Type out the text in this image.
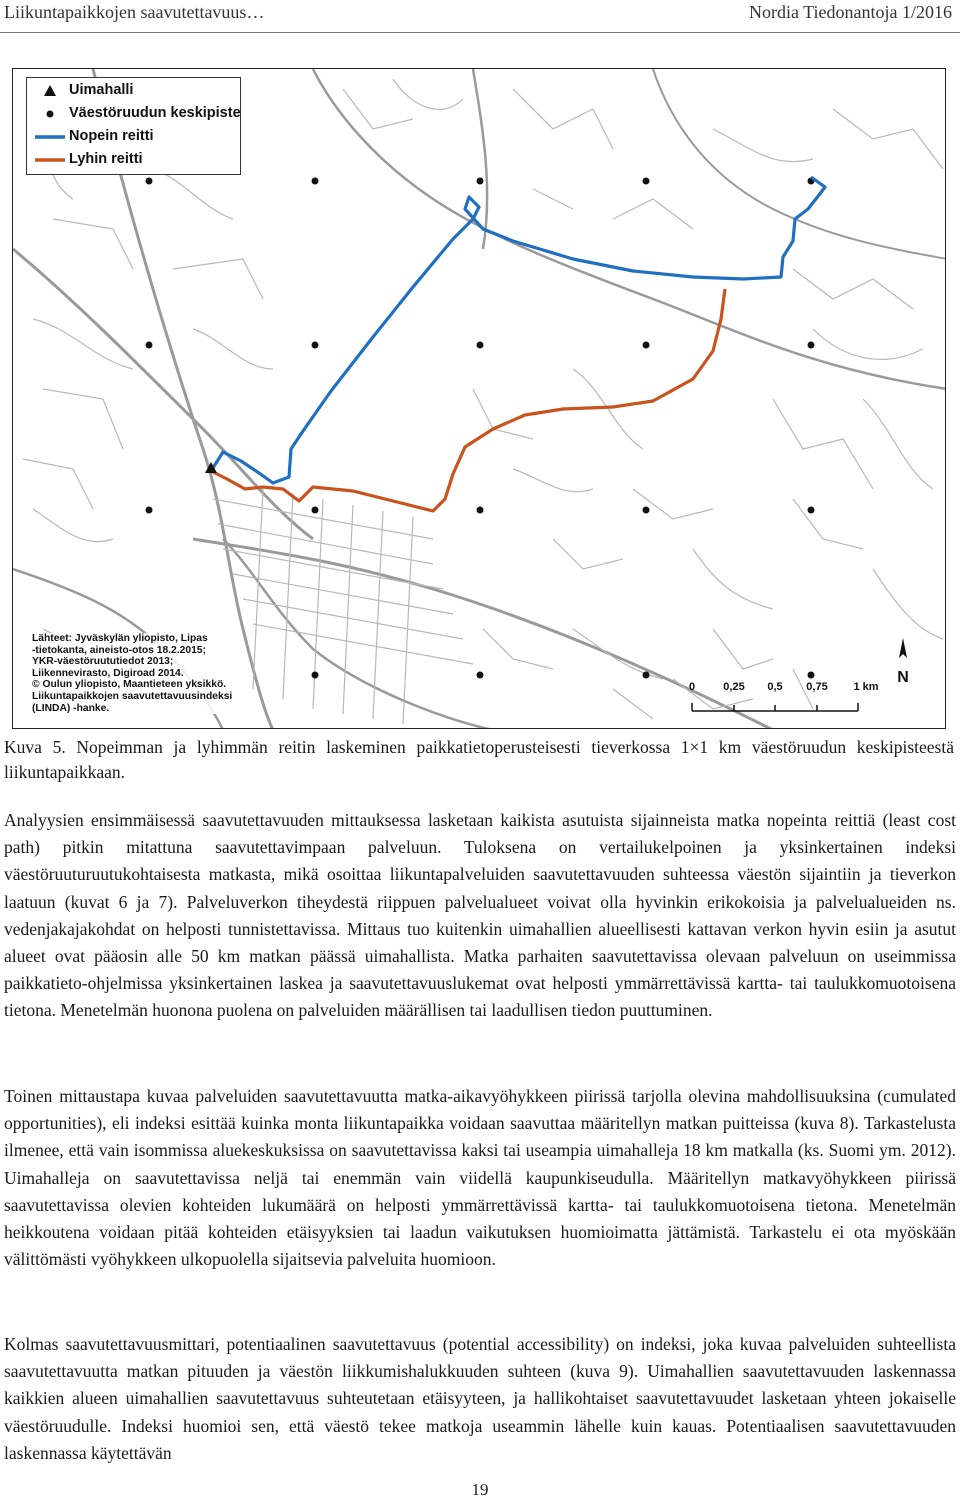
Liikuntapaikkojen saavutettavuus…	Nordia Tiedonantoja 1/2016
Uimahalli
Väestöruudun keskipiste
Nopein reitti
Lyhin reitti
Lähteet: Jyväskylän yliopisto, Lipas
-tietokanta, aineisto-otos 18.2.2015;
YKR-väestöruututiedot 2013;
Liikennevirasto, Digiroad 2014.
© Oulun yliopisto, Maantieteen yksikkö.
Liikuntapaikkojen saavutettavuusindeksi
(LINDA) -hanke.
0	0,25 0,5 0,75 1 km
N
Kuva 5. Nopeimman ja lyhimmän reitin laskeminen paikkatietoperusteisesti tieverkossa 1×1 km väestöruudun keskipisteestä liikuntapaikkaan.
Analyysien ensimmäisessä saavutettavuuden mittauksessa lasketaan kaikista asutuista sijainneista matka nopeinta reittiä (least cost path) pitkin mitattuna saavutettavimpaan palveluun. Tuloksena on vertailukelpoinen ja yksinkertainen indeksi väestöruuturuutukohtaisesta matkasta, mikä osoittaa liikuntapalveluiden saavutettavuuden suhteessa väestön sijaintiin ja tieverkon laatuun (kuvat 6 ja 7). Palveluverkon tiheydestä riippuen palvelualueet voivat olla hyvinkin erikokoisia ja palvelualueiden ns. vedenjakajakohdat on helposti tunnistettavissa. Mittaus tuo kuitenkin uimahallien alueellisesti kattavan verkon hyvin esiin ja asutut alueet ovat pääosin alle 50 km matkan päässä uimahallista. Matka parhaiten saavutettavissa olevaan palveluun on useimmissa paikkatieto-ohjelmissa yksinkertainen laskea ja saavutettavuuslukemat ovat helposti ymmärrettävissä kartta- tai taulukkomuotoisena tietona. Menetelmän huonona puolena on palveluiden määrällisen tai laadullisen tiedon puuttuminen.
Toinen mittaustapa kuvaa palveluiden saavutettavuutta matka-aikavyöhykkeen piirissä tarjolla olevina mahdollisuuksina (cumulated opportunities), eli indeksi esittää kuinka monta liikuntapaikka voidaan saavuttaa määritellyn matkan puitteissa (kuva 8). Tarkastelusta ilmenee, että vain isommissa aluekeskuksissa on saavutettavissa kaksi tai useampia uimahalleja 18 km matkalla (ks. Suomi ym. 2012). Uimahalleja on saavutettavissa neljä tai enemmän vain viidellä kaupunkiseudulla. Määritellyn matkavyöhykkeen piirissä saavutettavissa olevien kohteiden lukumäärä on helposti ymmärrettävissä kartta- tai taulukkomuotoisena tietona. Menetelmän heikkoutena voidaan pitää kohteiden etäisyyksien tai laadun vaikutuksen huomioimatta jättämistä. Tarkastelu ei ota myöskään välittömästi vyöhykkeen ulkopuolella sijaitsevia palveluita huomioon.
Kolmas saavutettavuusmittari, potentiaalinen saavutettavuus (potential accessibility) on indeksi, joka kuvaa palveluiden suhteellista saavutettavuutta matkan pituuden ja väestön liikkumishalukkuuden suhteen (kuva 9). Uimahallien saavutettavuuden laskennassa kaikkien alueen uimahallien saavutettavuus suhteutetaan etäisyyteen, ja hallikohtaiset saavutettavuudet lasketaan yhteen jokaiselle väestöruudulle. Indeksi huomioi sen, että väestö tekee matkoja useammin lähelle kuin kauas. Potentiaalisen saavutettavuuden laskennassa käytettävän
19
